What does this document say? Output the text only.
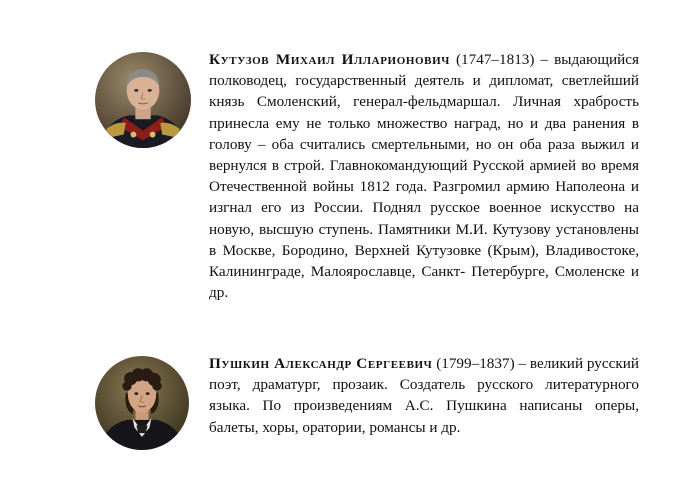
Кутузов Михаил Илларионович (1747–1813) – выдающийся полководец, государственный деятель и дипломат, светлейший князь Смоленский, генерал-фельдмаршал. Личная храбрость принесла ему не только множество наград, но и два ранения в голову – оба считались смертельными, но он оба раза выжил и вернулся в строй. Главнокомандующий Русской армией во время Отечественной войны 1812 года. Разгромил армию Наполеона и изгнал его из России. Поднял русское военное искусство на новую, высшую ступень. Памятники М.И. Кутузову установлены в Москве, Бородино, Верхней Кутузовке (Крым), Владивостоке, Калининграде, Малоярославце, Санкт- Петербурге, Смоленске и др.

Пушкин Александр Сергеевич (1799–1837) – великий русский поэт, драматург, прозаик. Создатель русского литературного языка. По произведениям А.С. Пушкина написаны оперы, балеты, хоры, оратории, романсы и др.
